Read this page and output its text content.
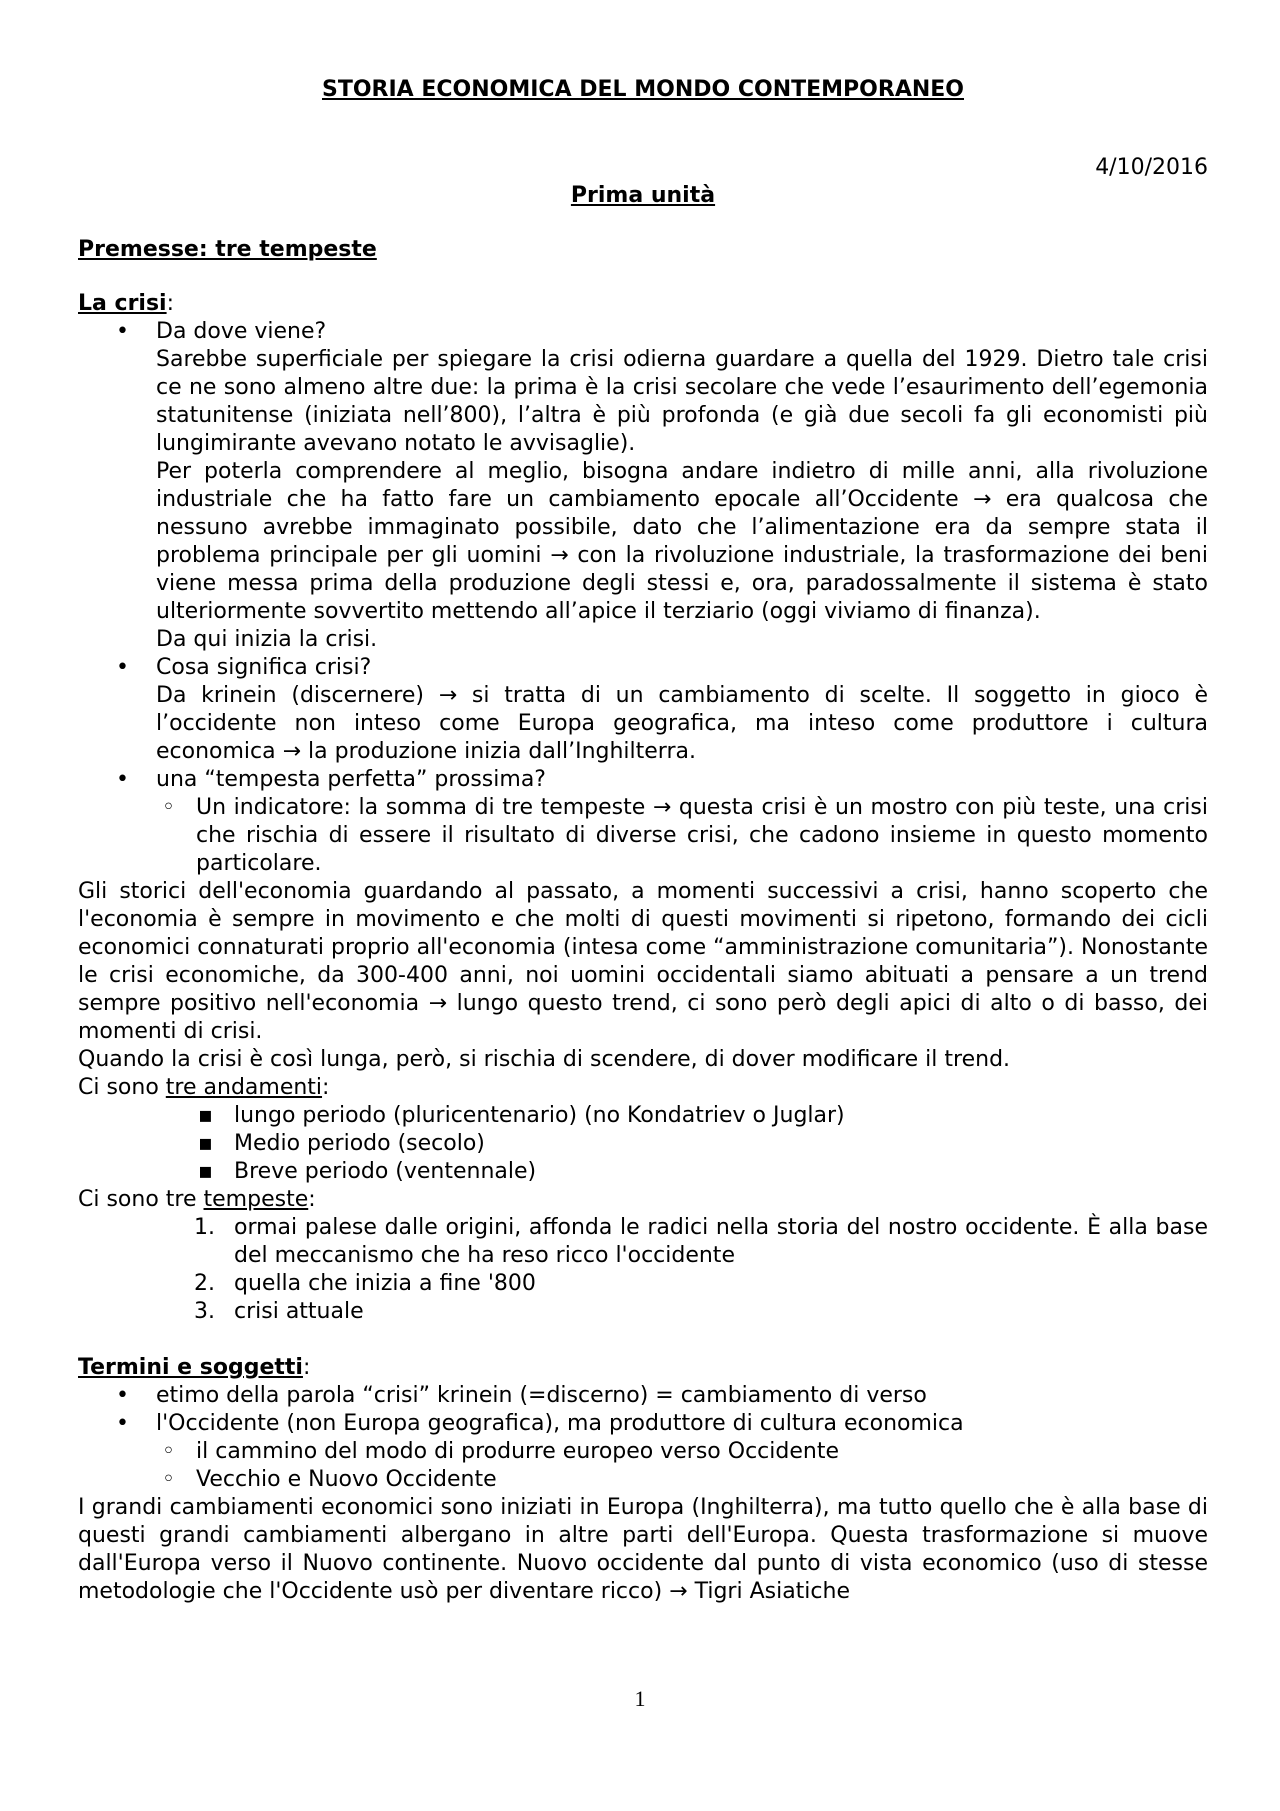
STORIA ECONOMICA DEL MONDO CONTEMPORANEO
4/10/2016
Prima unità
Premesse: tre tempeste
La crisi:

• Da dove viene?

Sarebbe superficiale per spiegare la crisi odierna guardare a quella del 1929. Dietro tale crisi ce ne sono almeno altre due: la prima è la crisi secolare che vede l’esaurimento dell’egemonia statunitense (iniziata nell’800), l’altra è più profonda (e già due secoli fa gli economisti più lungimirante avevano notato le avvisaglie).

Per poterla comprendere al meglio, bisogna andare indietro di mille anni, alla rivoluzione industriale che ha fatto fare un cambiamento epocale all’Occidente → era qualcosa che nessuno avrebbe immaginato possibile, dato che l’alimentazione era da sempre stata il problema principale per gli uomini → con la rivoluzione industriale, la trasformazione dei beni viene messa prima della produzione degli stessi e, ora, paradossalmente il sistema è stato ulteriormente sovvertito mettendo all’apice il terziario (oggi viviamo di finanza).

Da qui inizia la crisi.

• Cosa significa crisi?

Da krinein (discernere) → si tratta di un cambiamento di scelte. Il soggetto in gioco è l’occidente non inteso come Europa geografica, ma inteso come produttore i cultura economica → la produzione inizia dall’Inghilterra.

• una “tempesta perfetta” prossima?

◦ Un indicatore: la somma di tre tempeste → questa crisi è un mostro con più teste, una crisi che rischia di essere il risultato di diverse crisi, che cadono insieme in questo momento particolare.

Gli storici dell'economia guardando al passato, a momenti successivi a crisi, hanno scoperto che l'economia è sempre in movimento e che molti di questi movimenti si ripetono, formando dei cicli economici connaturati proprio all'economia (intesa come “amministrazione comunitaria”). Nonostante le crisi economiche, da 300-400 anni, noi uomini occidentali siamo abituati a pensare a un trend sempre positivo nell'economia → lungo questo trend, ci sono però degli apici di alto o di basso, dei momenti di crisi.

Quando la crisi è così lunga, però, si rischia di scendere, di dover modificare il trend.

Ci sono tre andamenti:

▪ lungo periodo (pluricentenario) (no Kondatriev o Juglar)
▪ Medio periodo (secolo)
▪ Breve periodo (ventennale)

Ci sono tre tempeste:

1. ormai palese dalle origini, affonda le radici nella storia del nostro occidente. È alla base del meccanismo che ha reso ricco l'occidente
2. quella che inizia a fine '800
3. crisi attuale
Termini e soggetti:
• etimo della parola “crisi” krinein (=discerno) = cambiamento di verso
• l'Occidente (non Europa geografica), ma produttore di cultura economica
◦ il cammino del modo di produrre europeo verso Occidente
◦ Vecchio e Nuovo Occidente

I grandi cambiamenti economici sono iniziati in Europa (Inghilterra), ma tutto quello che è alla base di questi grandi cambiamenti albergano in altre parti dell'Europa. Questa trasformazione si muove dall'Europa verso il Nuovo continente. Nuovo occidente dal punto di vista economico (uso di stesse metodologie che l'Occidente usò per diventare ricco) → Tigri Asiatiche

1
